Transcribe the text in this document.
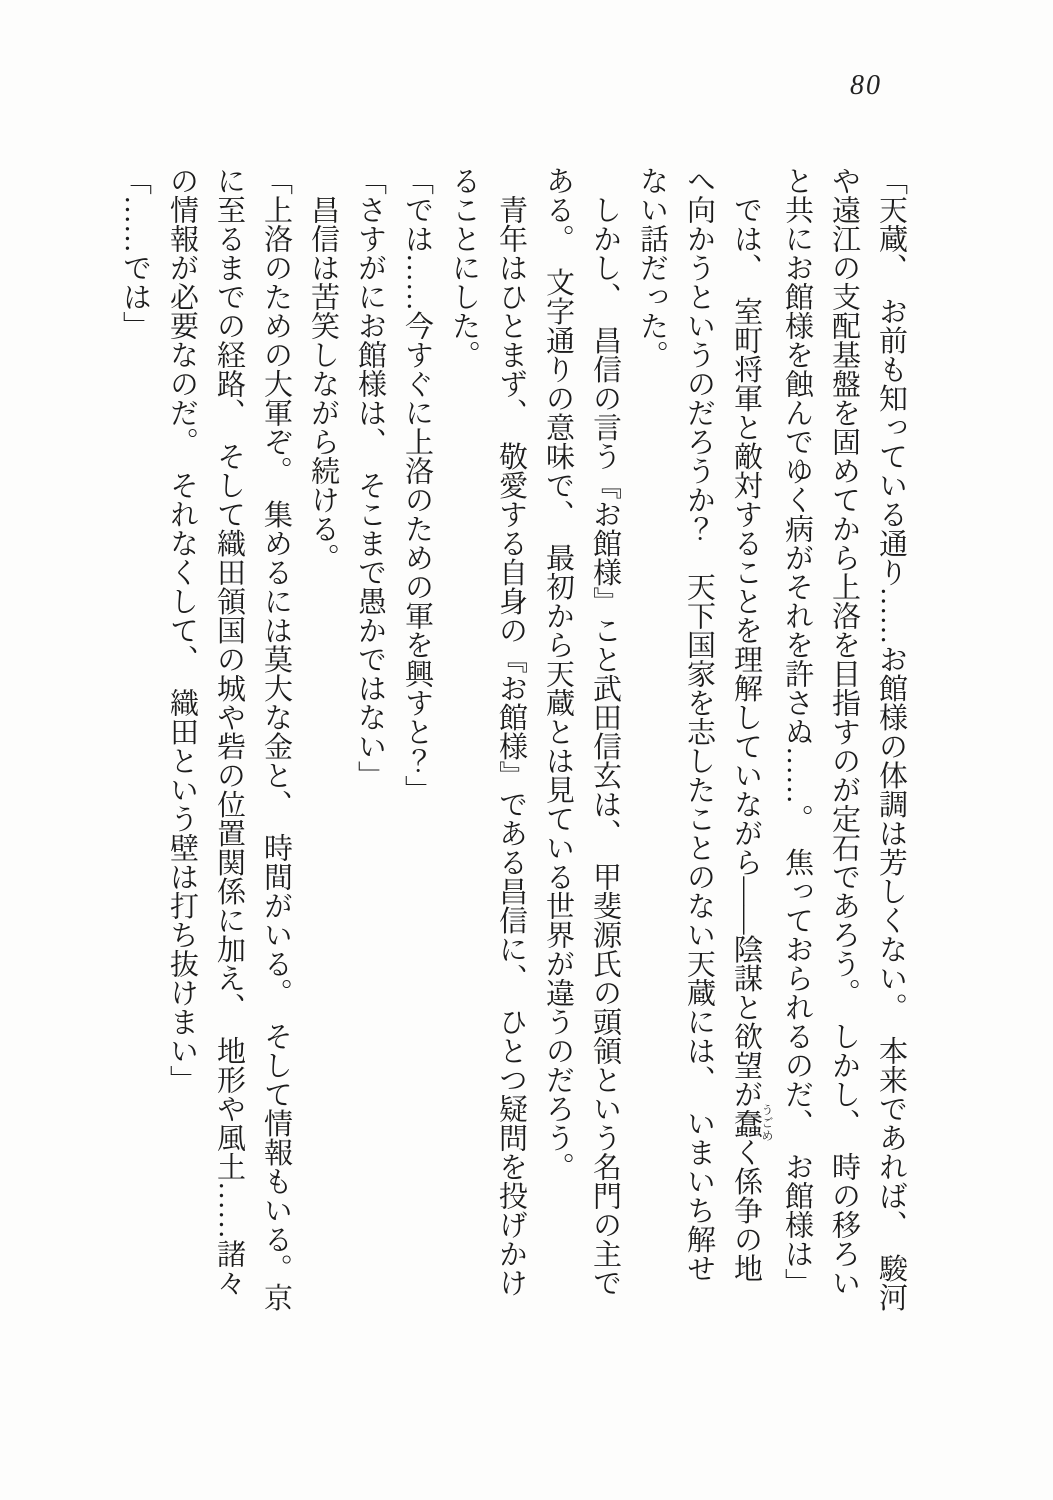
80

「天蔵、　お前も知っている通り……お館様の体調は芳しくない。　本来であれば、　駿河

や遠江の支配基盤を固めてから上洛を目指すのが定石であろう。　しかし、　時の移ろい

と共にお館様を蝕んでゆく病がそれを許さぬ……。　焦っておられるのだ、　お館様は」

　では、　室町将軍と敵対することを理解していながら――陰謀と欲望が蠢うごめく係争の地

へ向かうというのだろうか？　天下国家を志したことのない天蔵には、　いまいち解せ

ない話だった。

　しかし、　昌信の言う『お館様』こと武田信玄は、　甲斐源氏の頭領という名門の主で

ある。　文字通りの意味で、　最初から天蔵とは見ている世界が違うのだろう。

　青年はひとまず、　敬愛する自身の『お館様』である昌信に、　ひとつ疑問を投げかけ

ることにした。

「では……今すぐに上洛のための軍を興すと？」

「さすがにお館様は、　そこまで愚かではない」

　昌信は苦笑しながら続ける。

「上洛のための大軍ぞ。　集めるには莫大な金と、　時間がいる。　そして情報もいる。京

に至るまでの経路、　そして織田領国の城や砦の位置関係に加え、　地形や風土……諸々

の情報が必要なのだ。　それなくして、　織田という壁は打ち抜けまい」

「……では」
